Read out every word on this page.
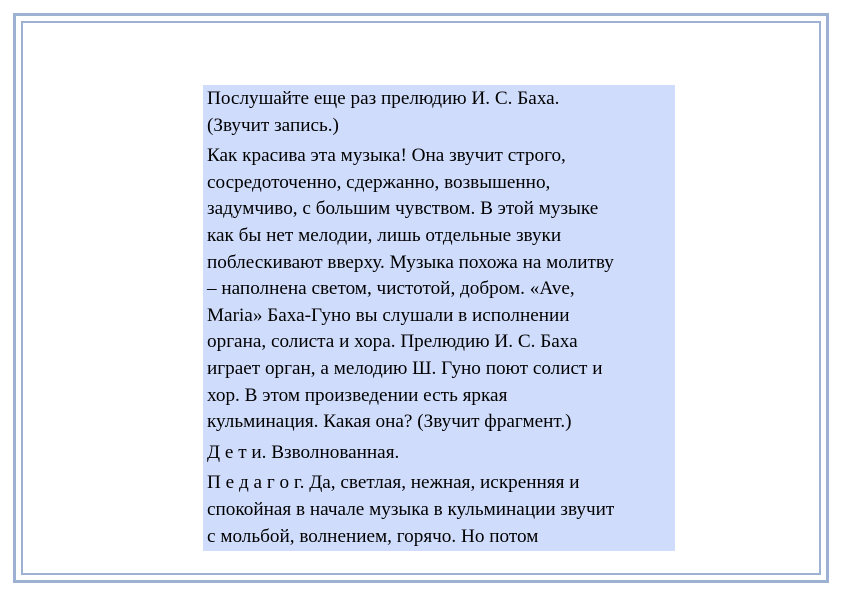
Послушайте еще раз прелюдию И. С. Баха.
(Звучит запись.)

Как красива эта музыка! Она звучит строго,
сосредоточенно, сдержанно, возвышенно,
задумчиво, с большим чувством. В этой музыке
как бы нет мелодии, лишь отдельные звуки
поблескивают вверху. Музыка похожа на молитву
– наполнена светом, чистотой, добром. «Ave,
Maria» Баха-Гуно вы слушали в исполнении
органа, солиста и хора. Прелюдию И. С. Баха
играет орган, а мелодию Ш. Гуно поют солист и
хор. В этом произведении есть яркая
кульминация. Какая она? (Звучит фрагмент.)

Д е т и. Взволнованная.

П е д а г о г. Да, светлая, нежная, искренняя и
спокойная в начале музыка в кульминации звучит
с мольбой, волнением, горячо. Но потом
